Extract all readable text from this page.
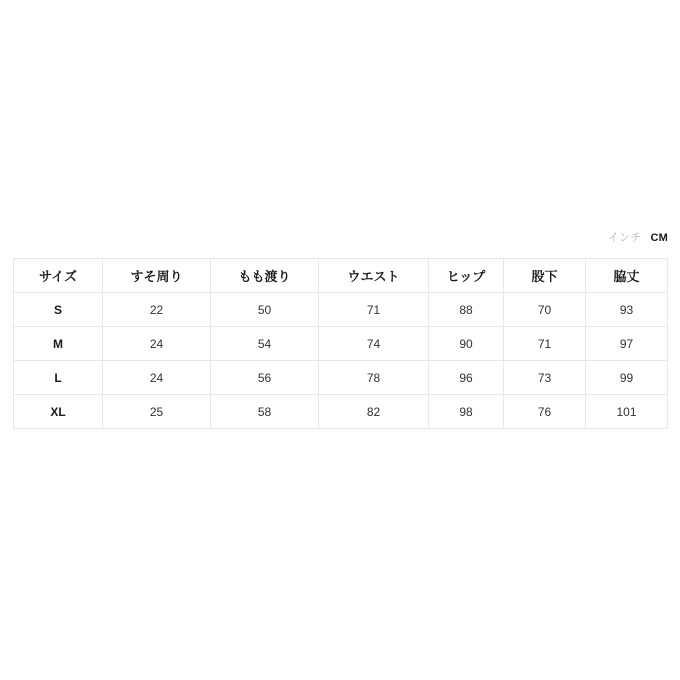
インチ CM
サイズ	すそ周り	もも渡り	ウエスト	ヒップ	股下	脇丈
S	22	50	71	88	70	93
M	24	54	74	90	71	97
L	24	56	78	96	73	99
XL	25	58	82	98	76	101
